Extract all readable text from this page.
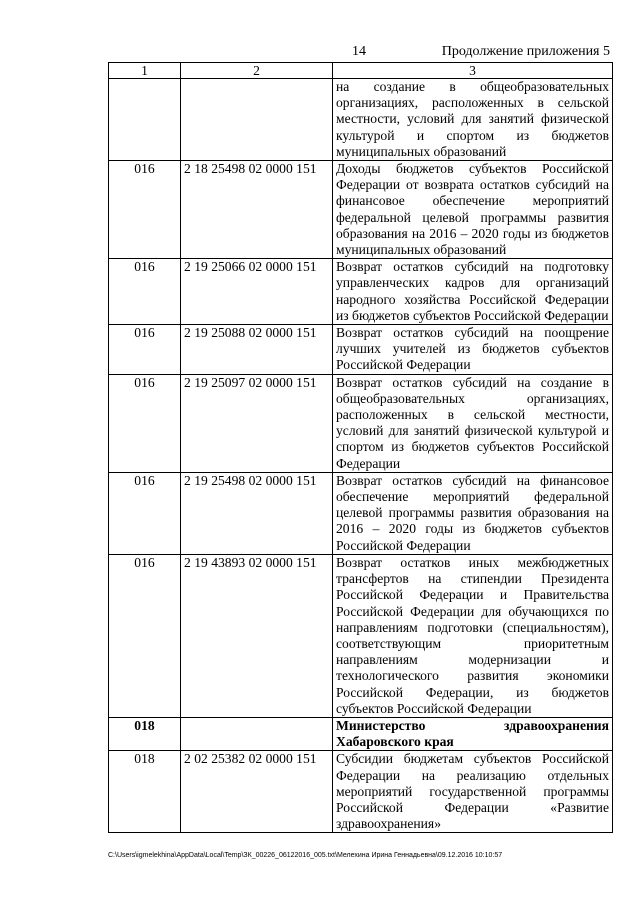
14	Продолжение приложения 5
1	2	3
		на создание в общеобразовательных организациях, расположенных в сельской местности, условий для занятий физической культурой и спортом из бюджетов муниципальных образований
016	2 18 25498 02 0000 151	Доходы бюджетов субъектов Российской Федерации от возврата остатков субсидий на финансовое обеспечение мероприятий федеральной целевой программы развития образования на 2016 – 2020 годы из бюджетов муниципальных образований
016	2 19 25066 02 0000 151	Возврат остатков субсидий на подготовку управленческих кадров для организаций народного хозяйства Российской Федерации из бюджетов субъектов Российской Федерации
016	2 19 25088 02 0000 151	Возврат остатков субсидий на поощрение лучших учителей из бюджетов субъектов Российской Федерации
016	2 19 25097 02 0000 151	Возврат остатков субсидий на создание в общеобразовательных организациях, расположенных в сельской местности, условий для занятий физической культурой и спортом из бюджетов субъектов Российской Федерации
016	2 19 25498 02 0000 151	Возврат остатков субсидий на финансовое обеспечение мероприятий федеральной целевой программы развития образования на 2016 – 2020 годы из бюджетов субъектов Российской Федерации
016	2 19 43893 02 0000 151	Возврат остатков иных межбюджетных трансфертов на стипендии Президента Российской Федерации и Правительства Российской Федерации для обучающихся по направлениям подготовки (специальностям), соответствующим приоритетным направлениям модернизации и технологического развития экономики Российской Федерации, из бюджетов субъектов Российской Федерации
018		Министерство здравоохранения Хабаровского края
018	2 02 25382 02 0000 151	Субсидии бюджетам субъектов Российской Федерации на реализацию отдельных мероприятий государственной программы Российской Федерации «Развитие здравоохранения»
C:\Users\igmelekhina\AppData\Local\Temp\ЗК_00226_06122016_005.txt\Мелехина Ирина Геннадьевна\09.12.2016 10:10:57
